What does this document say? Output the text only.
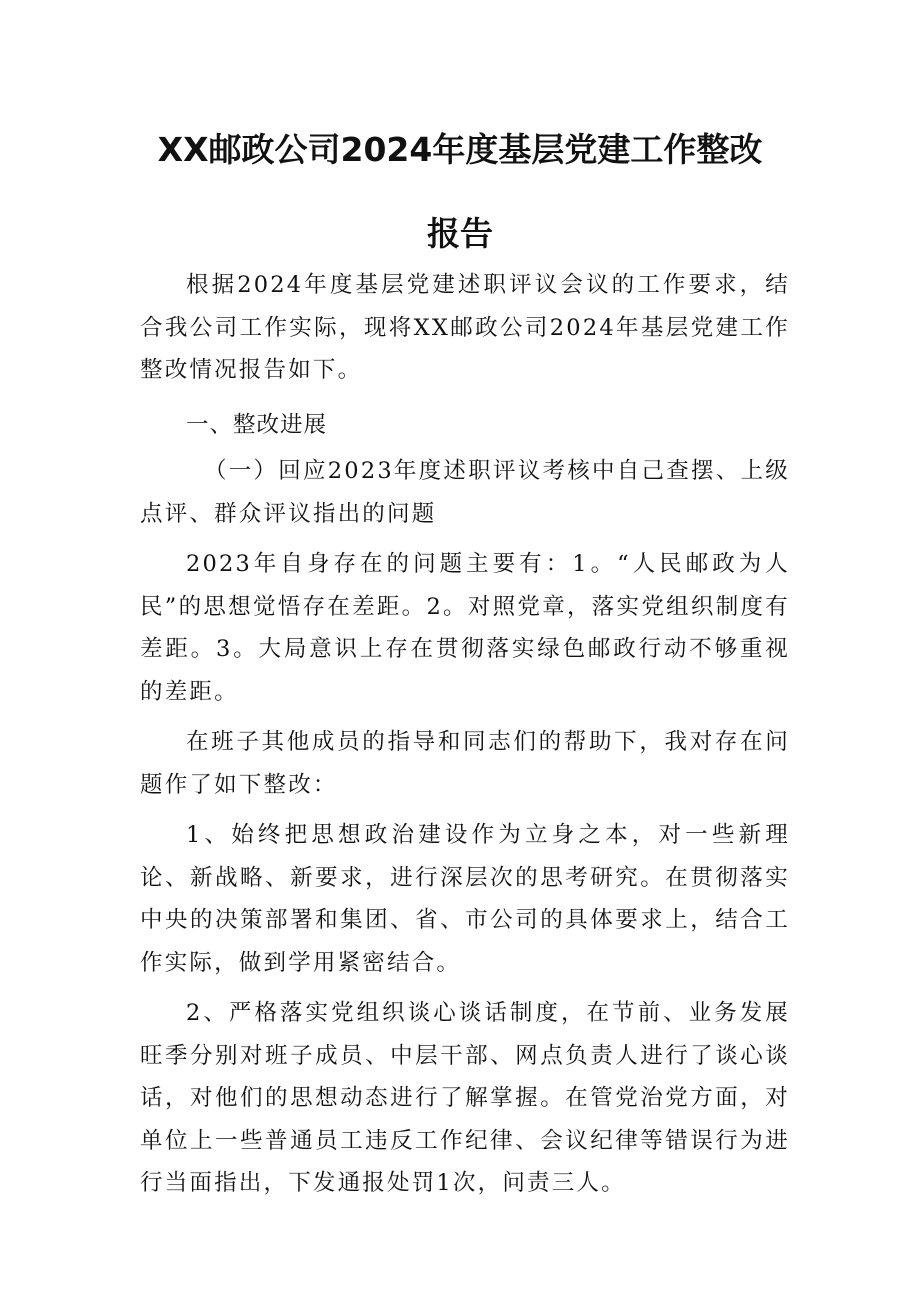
XX邮政公司2024年度基层党建工作整改
报告

根据2024年度基层党建述职评议会议的工作要求，结合我公司工作实际，现将XX邮政公司2024年基层党建工作整改情况报告如下。

一、整改进展

（一）回应2023年度述职评议考核中自己查摆、上级点评、群众评议指出的问题

2023年自身存在的问题主要有：1。“人民邮政为人民”的思想觉悟存在差距。2。对照党章，落实党组织制度有差距。3。大局意识上存在贯彻落实绿色邮政行动不够重视的差距。

在班子其他成员的指导和同志们的帮助下，我对存在问题作了如下整改：

1、始终把思想政治建设作为立身之本，对一些新理论、新战略、新要求，进行深层次的思考研究。在贯彻落实中央的决策部署和集团、省、市公司的具体要求上，结合工作实际，做到学用紧密结合。

2、严格落实党组织谈心谈话制度，在节前、业务发展旺季分别对班子成员、中层干部、网点负责人进行了谈心谈话，对他们的思想动态进行了解掌握。在管党治党方面，对单位上一些普通员工违反工作纪律、会议纪律等错误行为进行当面指出，下发通报处罚1次，问责三人。
